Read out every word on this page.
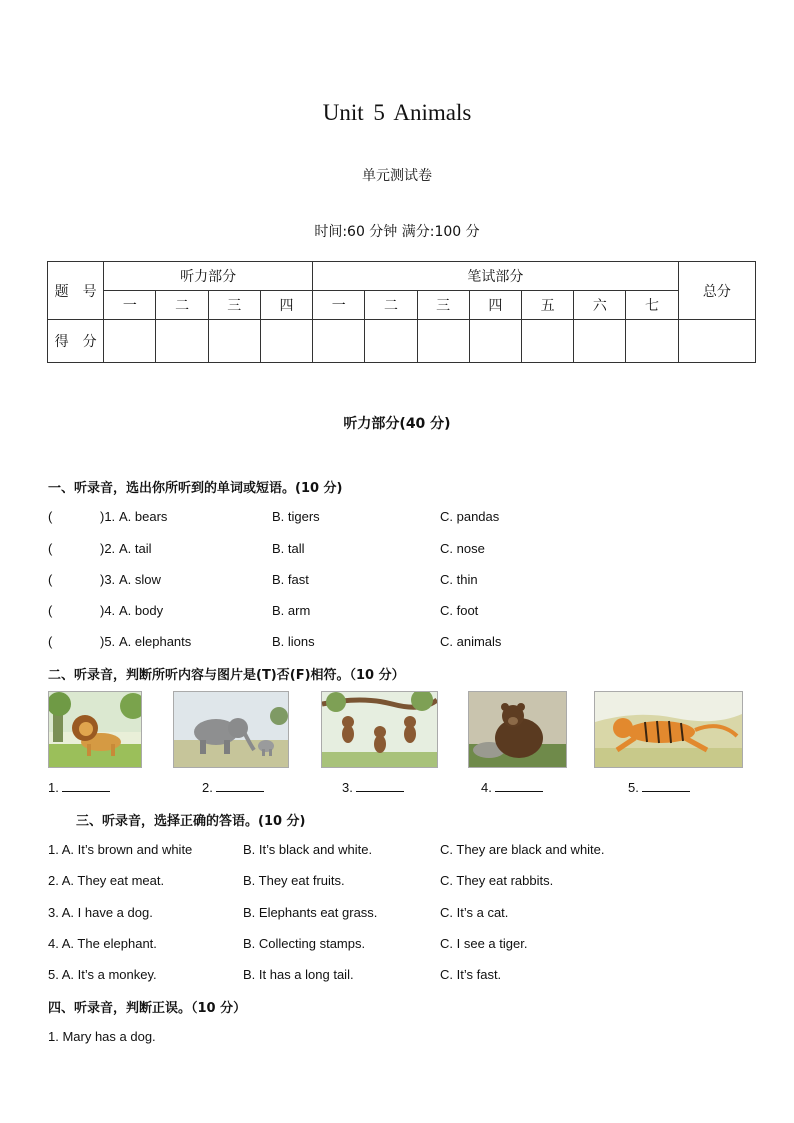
Unit 5 Animals
单元测试卷
时间:60 分钟 满分:100 分
题　号	听力部分				笔试部分							总分
	一	二	三	四	一	二	三	四	五	六	七	
得　分												
听力部分(40 分)
一、听录音，选出你所听到的单词或短语。(10 分)
(	)1. A. bears	B. tigers	C. pandas
(	)2. A. tail	B. tall	C. nose
(	)3. A. slow	B. fast	C. thin
(	)4. A. body	B. arm	C. foot
(	)5. A. elephants	B. lions	C. animals
二、听录音，判断所听内容与图片是(T)否(F)相符。（10 分）
1.	2.	3.	4.	5.
三、听录音，选择正确的答语。(10 分)
1. A. It’s brown and white	B. It’s black and white.	C. They are black and white.
2. A. They eat meat.	B. They eat fruits.	C. They eat rabbits.
3. A. I have a dog.	B. Elephants eat grass.	C. It’s a cat.
4. A. The elephant.	B. Collecting stamps.	C. I see a tiger.
5. A. It’s a monkey.	B. It has a long tail.	C. It’s fast.
四、听录音，判断正误。（10 分）
1. Mary has a dog.
